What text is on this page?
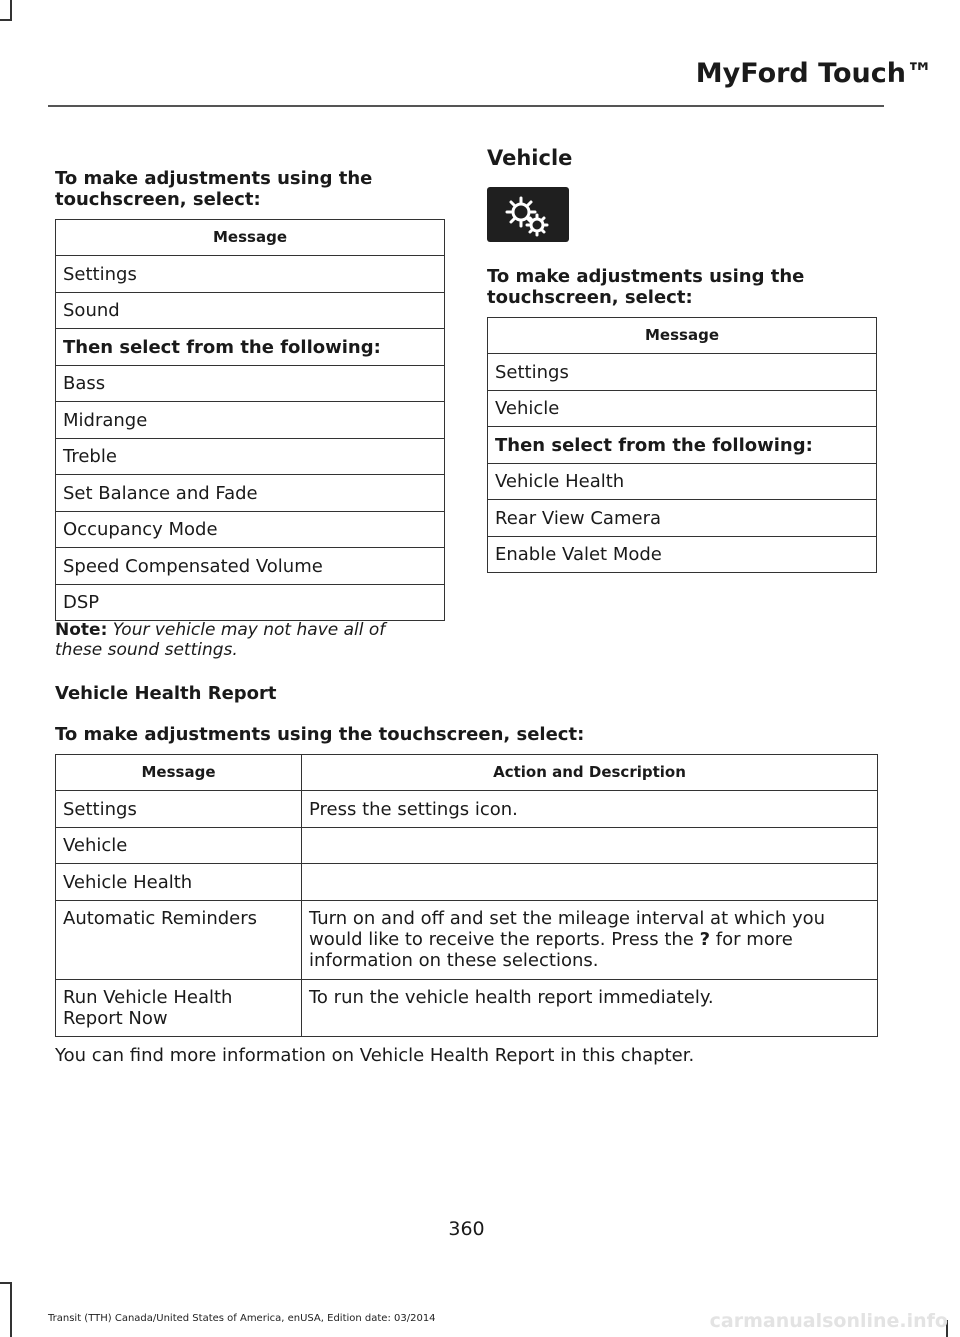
MyFord Touch™
To make adjustments using the touchscreen, select:
Message
Settings
Sound
Then select from the following:
Bass
Midrange
Treble
Set Balance and Fade
Occupancy Mode
Speed Compensated Volume
DSP
Note: Your vehicle may not have all of these sound settings.
Vehicle
To make adjustments using the touchscreen, select:
Message
Settings
Vehicle
Then select from the following:
Vehicle Health
Rear View Camera
Enable Valet Mode
Vehicle Health Report
To make adjustments using the touchscreen, select:
Message	Action and Description
Settings	Press the settings icon.
Vehicle	
Vehicle Health	
Automatic Reminders	Turn on and off and set the mileage interval at which you would like to receive the reports. Press the ? for more information on these selections.
Run Vehicle Health Report Now	To run the vehicle health report immediately.
You can find more information on Vehicle Health Report in this chapter.
360
Transit (TTH) Canada/United States of America, enUSA, Edition date: 03/2014	carmanualsonline.info
